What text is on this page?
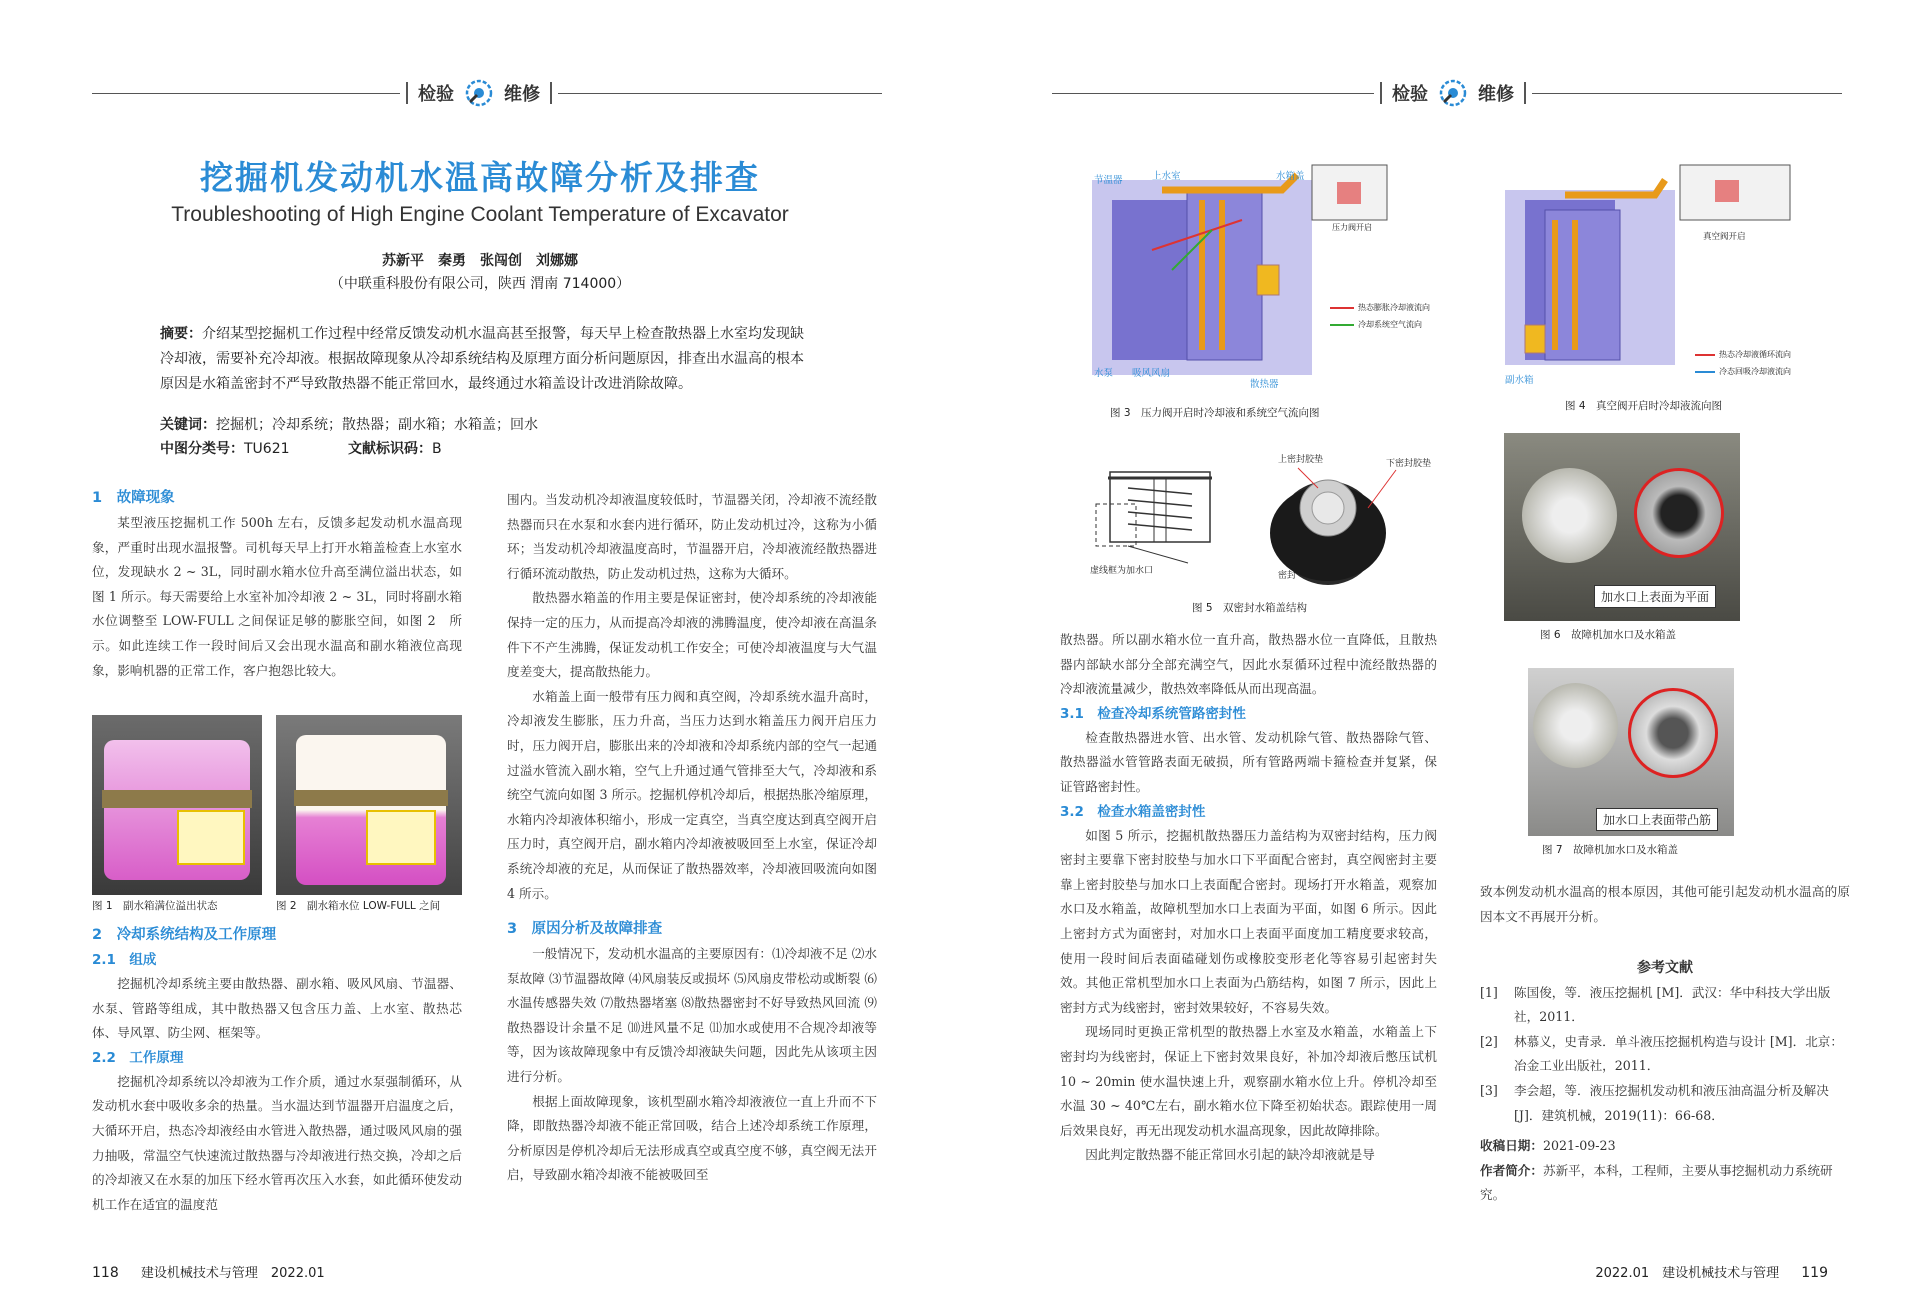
检验	维修
挖掘机发动机水温高故障分析及排查
Troubleshooting of High Engine Coolant Temperature of Excavator
苏新平　秦勇　张闯创　刘娜娜
（中联重科股份有限公司，陕西 渭南 714000）
摘要：介绍某型挖掘机工作过程中经常反馈发动机水温高甚至报警，每天早上检查散热器上水室均发现缺冷却液，需要补充冷却液。根据故障现象从冷却系统结构及原理方面分析问题原因，排查出水温高的根本原因是水箱盖密封不严导致散热器不能正常回水，最终通过水箱盖设计改进消除故障。
关键词：挖掘机；冷却系统；散热器；副水箱；水箱盖；回水
中图分类号：TU621	文献标识码：B
1　故障现象

某型液压挖掘机工作 500h 左右，反馈多起发动机水温高现象，严重时出现水温报警。司机每天早上打开水箱盖检查上水室水位，发现缺水 2 ~ 3L，同时副水箱水位升高至满位溢出状态，如图 1 所示。每天需要给上水室补加冷却液 2 ~ 3L，同时将副水箱水位调整至 LOW-FULL 之间保证足够的膨胀空间，如图 2　所示。如此连续工作一段时间后又会出现水温高和副水箱液位高现象，影响机器的正常工作，客户抱怨比较大。

图 1　副水箱满位溢出状态	图 2　副水箱水位 LOW-FULL 之间
2　冷却系统结构及工作原理
2.1　组成

挖掘机冷却系统主要由散热器、副水箱、吸风风扇、节温器、水泵、管路等组成，其中散热器又包含压力盖、上水室、散热芯体、导风罩、防尘网、框架等。

2.2　工作原理

挖掘机冷却系统以冷却液为工作介质，通过水泵强制循环，从发动机水套中吸收多余的热量。当水温达到节温器开启温度之后，大循环开启，热态冷却液经由水管进入散热器，通过吸风风扇的强力抽吸，常温空气快速流过散热器与冷却液进行热交换，冷却之后的冷却液又在水泵的加压下经水管再次压入水套，如此循环使发动机工作在适宜的温度范

围内。当发动机冷却液温度较低时，节温器关闭，冷却液不流经散热器而只在水泵和水套内进行循环，防止发动机过冷，这称为小循环；当发动机冷却液温度高时，节温器开启，冷却液流经散热器进行循环流动散热，防止发动机过热，这称为大循环。

散热器水箱盖的作用主要是保证密封，使冷却系统的冷却液能保持一定的压力，从而提高冷却液的沸腾温度，使冷却液在高温条件下不产生沸腾，保证发动机工作安全；可使冷却液温度与大气温度差变大，提高散热能力。

水箱盖上面一般带有压力阀和真空阀，冷却系统水温升高时，冷却液发生膨胀，压力升高，当压力达到水箱盖压力阀开启压力时，压力阀开启，膨胀出来的冷却液和冷却系统内部的空气一起通过溢水管流入副水箱，空气上升通过通气管排至大气，冷却液和系统空气流向如图 3 所示。挖掘机停机冷却后，根据热胀冷缩原理，水箱内冷却液体积缩小，形成一定真空，当真空度达到真空阀开启压力时，真空阀开启，副水箱内冷却液被吸回至上水室，保证冷却系统冷却液的充足，从而保证了散热器效率，冷却液回吸流向如图 4 所示。

3　原因分析及故障排查

一般情况下，发动机水温高的主要原因有：⑴冷却液不足 ⑵水泵故障 ⑶节温器故障 ⑷风扇装反或损坏 ⑸风扇皮带松动或断裂 ⑹水温传感器失效 ⑺散热器堵塞 ⑻散热器密封不好导致热风回流 ⑼散热器设计余量不足 ⑽进风量不足 ⑾加水或使用不合规冷却液等等，因为该故障现象中有反馈冷却液缺失问题，因此先从该项主因进行分析。

根据上面故障现象，该机型副水箱冷却液液位一直上升而不下降，即散热器冷却液不能正常回吸，结合上述冷却系统工作原理，分析原因是停机冷却后无法形成真空或真空度不够，真空阀无法开启，导致副水箱冷却液不能被吸回至

118 建设机械技术与管理　2022.01
检验	维修
节温器	上水室	水箱盖
压力阀开启
水泵 吸风风扇
散热器
热态膨胀冷却液流向
冷却系统空气流向
图 3　压力阀开启时冷却液和系统空气流向图
真空阀开启
副水箱
热态冷却液循环流向
冷态回吸冷却液流向
图 4　真空阀开启时冷却液流向图
上密封胶垫	下密封胶垫
虚线框为加水口	密封
图 5　双密封水箱盖结构
加水口上表面为平面
图 6　故障机加水口及水箱盖
加水口上表面带凸筋
图 7　故障机加水口及水箱盖
散热器。所以副水箱水位一直升高，散热器水位一直降低，且散热器内部缺水部分全部充满空气，因此水泵循环过程中流经散热器的冷却液流量减少，散热效率降低从而出现高温。
3.1　检查冷却系统管路密封性

检查散热器进水管、出水管、发动机除气管、散热器除气管、散热器溢水管管路表面无破损，所有管路两端卡箍检查并复紧，保证管路密封性。

3.2　检查水箱盖密封性

如图 5 所示，挖掘机散热器压力盖结构为双密封结构，压力阀密封主要靠下密封胶垫与加水口下平面配合密封，真空阀密封主要靠上密封胶垫与加水口上表面配合密封。现场打开水箱盖，观察加水口及水箱盖，故障机型加水口上表面为平面，如图 6 所示。因此上密封方式为面密封，对加水口上表面平面度加工精度要求较高，使用一段时间后表面磕碰划伤或橡胶变形老化等容易引起密封失效。其他正常机型加水口上表面为凸筋结构，如图 7 所示，因此上密封方式为线密封，密封效果较好，不容易失效。

现场同时更换正常机型的散热器上水室及水箱盖，水箱盖上下密封均为线密封，保证上下密封效果良好，补加冷却液后憋压试机 10 ~ 20min 使水温快速上升，观察副水箱水位上升。停机冷却至水温 30 ~ 40℃左右，副水箱水位下降至初始状态。跟踪使用一周后效果良好，再无出现发动机水温高现象，因此故障排除。

因此判定散热器不能正常回水引起的缺冷却液就是导

致本例发动机水温高的根本原因，其他可能引起发动机水温高的原因本文不再展开分析。
参考文献
[1]	陈国俊，等．液压挖掘机 [M]．武汉：华中科技大学出版社，2011．
[2]	林慕义，史青录．单斗液压挖掘机构造与设计 [M]．北京：冶金工业出版社，2011．
[3]	李会超，等．液压挖掘机发动机和液压油高温分析及解决 [J]．建筑机械，2019(11)：66-68．
收稿日期：2021-09-23
作者简介：苏新平，本科，工程师，主要从事挖掘机动力系统研究。
2022.01　建设机械技术与管理 119
